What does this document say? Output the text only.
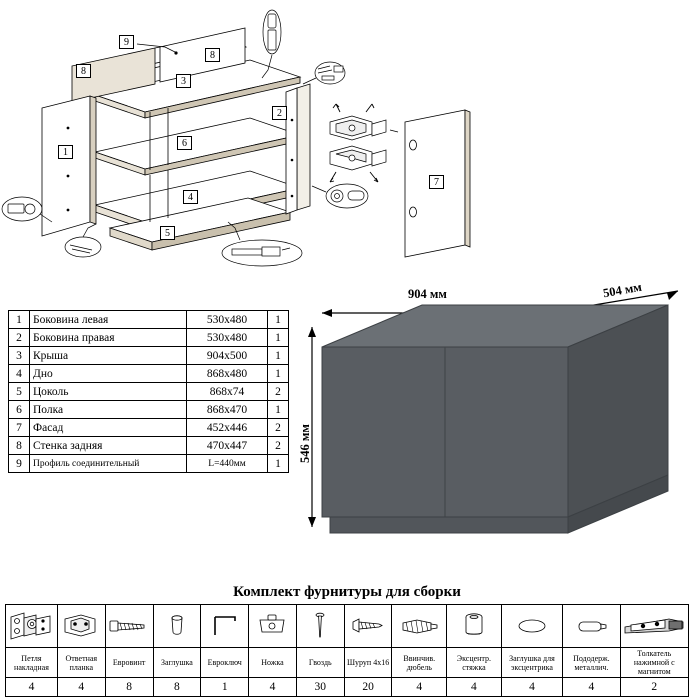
1
2
3
4
5
6
7
8
8
9
1	Боковина левая	530x480	1
2	Боковина правая	530x480	1
3	Крыша	904x500	1
4	Дно	868x480	1
5	Цоколь	868x74	2
6	Полка	868x470	1
7	Фасад	452x446	2
8	Стенка задняя	470x447	2
9	Профиль соединительный	L=440мм	1
904 мм	504 мм
546 мм
Комплект фурнитуры для сборки

Петля накладная	Ответная планка	Евровинт	Заглушка	Евроключ	Ножка	Гвоздь	Шуруп 4х16	Ввинчив. дюбель	Эксцентр. стяжка	Заглушка для эксцентрика	Пододерж. металлич.	Толкатель нажимной с магнитом
4	4	8	8	1	4	30	20	4	4	4	4	2
